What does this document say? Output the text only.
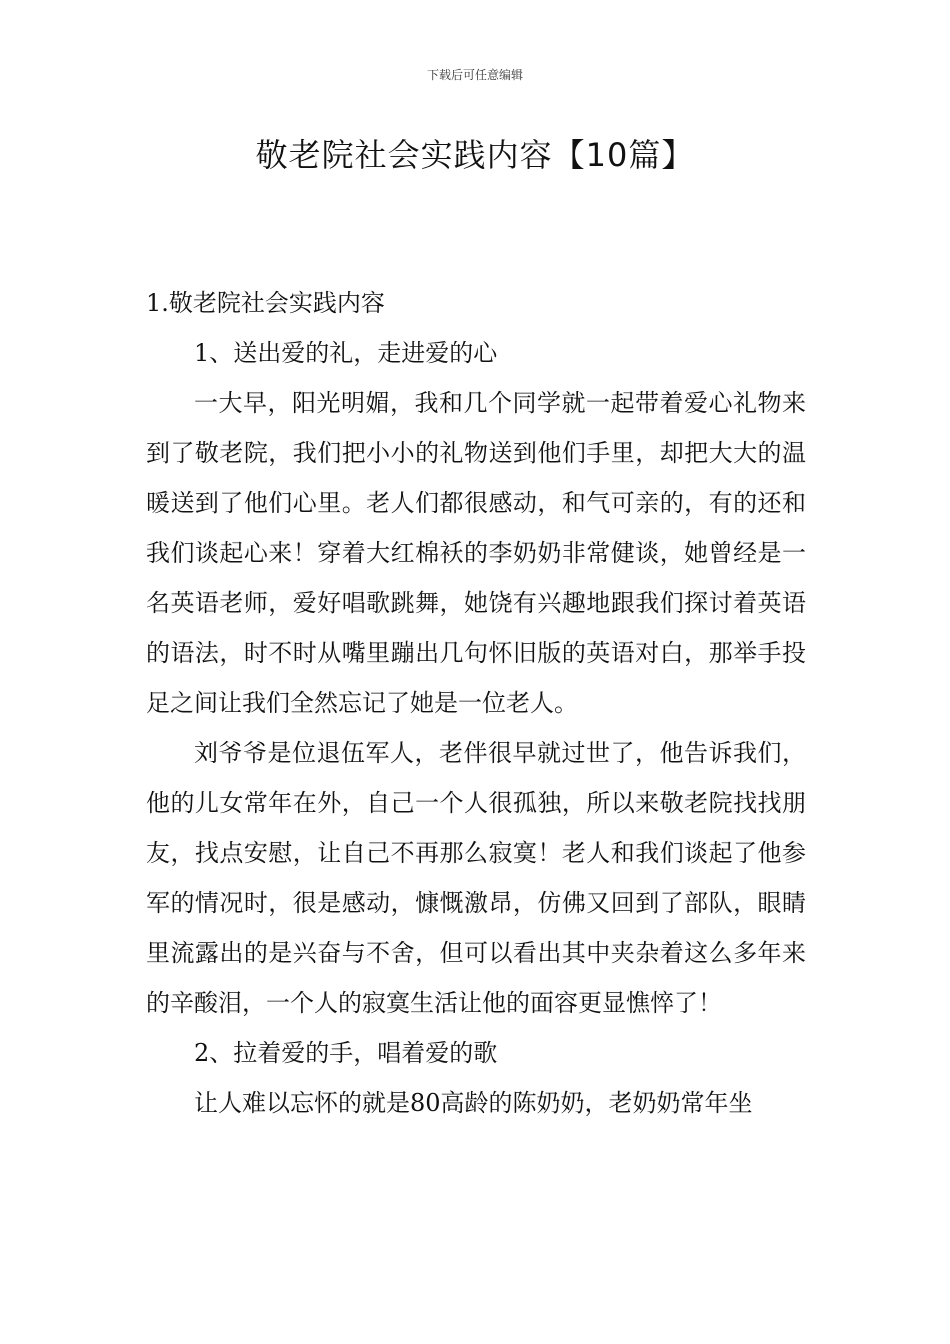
下载后可任意编辑
敬老院社会实践内容【10篇】

1.敬老院社会实践内容

1、送出爱的礼，走进爱的心

一大早，阳光明媚，我和几个同学就一起带着爱心礼物来到了敬老院，我们把小小的礼物送到他们手里，却把大大的温暖送到了他们心里。老人们都很感动，和气可亲的，有的还和我们谈起心来！穿着大红棉袄的李奶奶非常健谈，她曾经是一名英语老师，爱好唱歌跳舞，她饶有兴趣地跟我们探讨着英语的语法，时不时从嘴里蹦出几句怀旧版的英语对白，那举手投足之间让我们全然忘记了她是一位老人。

刘爷爷是位退伍军人，老伴很早就过世了，他告诉我们，他的儿女常年在外，自己一个人很孤独，所以来敬老院找找朋友，找点安慰，让自己不再那么寂寞！老人和我们谈起了他参军的情况时，很是感动，慷慨激昂，仿佛又回到了部队，眼睛里流露出的是兴奋与不舍，但可以看出其中夹杂着这么多年来的辛酸泪，一个人的寂寞生活让他的面容更显憔悴了！

2、拉着爱的手，唱着爱的歌

让人难以忘怀的就是80高龄的陈奶奶，老奶奶常年坐
